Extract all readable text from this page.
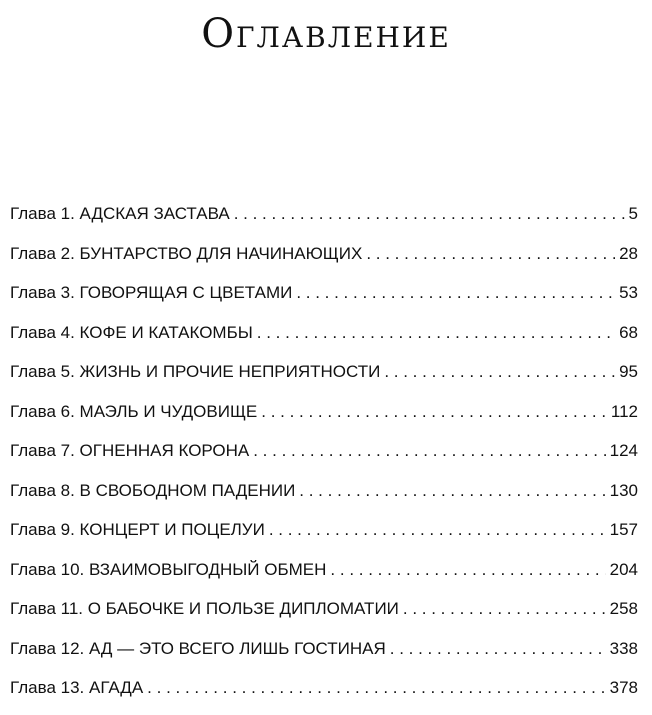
Оглавление
Глава 1. АДСКАЯ ЗАСТАВА . . .	5
Глава 2. БУНТАРСТВО ДЛЯ НАЧИНАЮЩИХ . . .	28
Глава 3. ГОВОРЯЩАЯ С ЦВЕТАМИ . . .	53
Глава 4. КОФЕ И КАТАКОМБЫ . . .	68
Глава 5. ЖИЗНЬ И ПРОЧИЕ НЕПРИЯТНОСТИ . . .	95
Глава 6. МАЭЛЬ И ЧУДОВИЩЕ . . .	112
Глава 7. ОГНЕННАЯ КОРОНА . . .	124
Глава 8. В СВОБОДНОМ ПАДЕНИИ . . .	130
Глава 9. КОНЦЕРТ И ПОЦЕЛУИ . . .	157
Глава 10. ВЗАИМОВЫГОДНЫЙ ОБМЕН . . .	204
Глава 11. О БАБОЧКЕ И ПОЛЬЗЕ ДИПЛОМАТИИ . . .	258
Глава 12. АД — ЭТО ВСЕГО ЛИШЬ ГОСТИНАЯ . . .	338
Глава 13. АГАДА . . .	378
